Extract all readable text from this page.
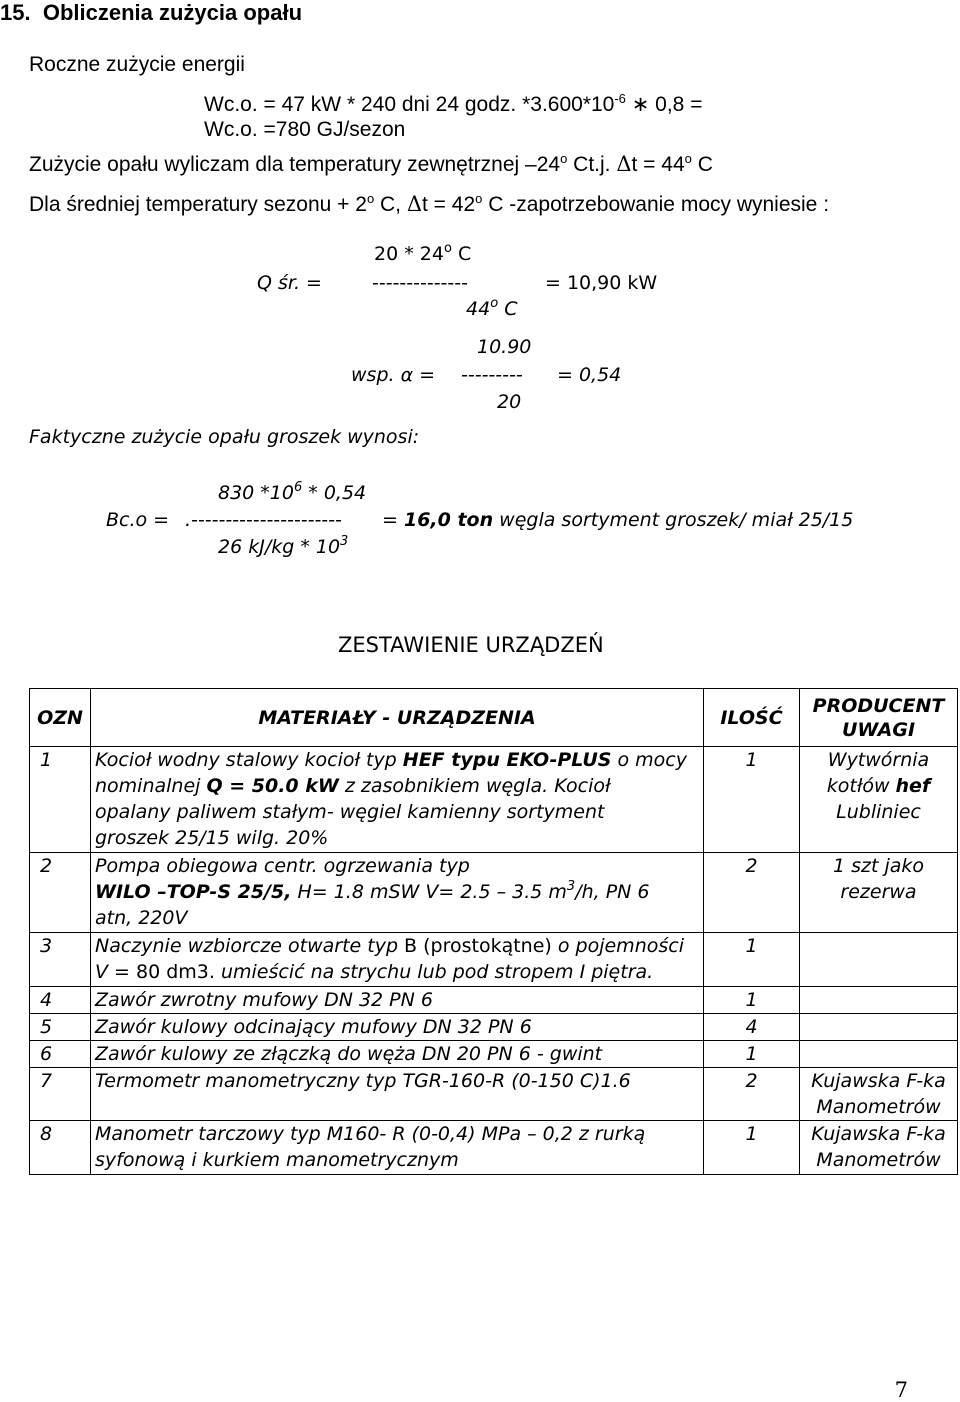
15. Obliczenia zużycia opału
Roczne zużycie energii
Wc.o. = 47 kW * 240 dni 24 godz. $*3.600*10^{-6}$ ∗ 0,8 =
Wc.o. =780 GJ/sezon
Zużycie opału wyliczam dla temperatury zewnętrznej –24$^o$ Ct.j. $\Delta t = 44^o$ C
Dla średniej temperatury sezonu + $2^o$ C, $\Delta t = 42^o$ C -zapotrzebowanie mocy wyniesie :
20 * 24$^o$ C
Q śr. =	--------------	= 10,90 kW
44$^o$ C
10.90
wsp. α = --------- = 0,54
20
Faktyczne zużycie opału groszek wynosi:
830 $*10^6 * 0,54$
Bc.o = .---------------------- = 16,0 ton węgla sortyment groszek/ miał 25/15
26 $kJ/kg * 10^3$
ZESTAWIENIE URZĄDZEŃ
OZN	MATERIAŁY - URZĄDZENIA	ILOŚĆ	PRODUCENT
UWAGI
1	Kocioł wodny stalowy kocioł typ HEF typu EKO-PLUS o mocy
nominalnej Q = 50.0 kW z zasobnikiem węgla. Kocioł
opalany paliwem stałym- węgiel kamienny sortyment
groszek 25/15 wilg. 20%	1	Wytwórnia
kotłów hef
Lubliniec
2	Pompa obiegowa centr. ogrzewania typ
WILO –TOP-S 25/5, H= 1.8 mSW V= 2.5 – 3.5 $m^3/h$, PN 6
atn, 220V	2	1 szt jako
rezerwa
3	Naczynie wzbiorcze otwarte typ B (prostokątne) o pojemności
V = 80 dm3. umieścić na strychu lub pod stropem I piętra.	1	
4	Zawór zwrotny mufowy DN 32 PN 6	1	
5	Zawór kulowy odcinający mufowy DN 32 PN 6	4	
6	Zawór kulowy ze złączką do węża DN 20 PN 6 - gwint	1	
7	Termometr manometryczny typ TGR-160-R (0-150 C)1.6	2	Kujawska F-ka
Manometrów
8	Manometr tarczowy typ M160- R (0-0,4) MPa – 0,2 z rurką
syfonową i kurkiem manometrycznym	1	Kujawska F-ka
Manometrów
7
